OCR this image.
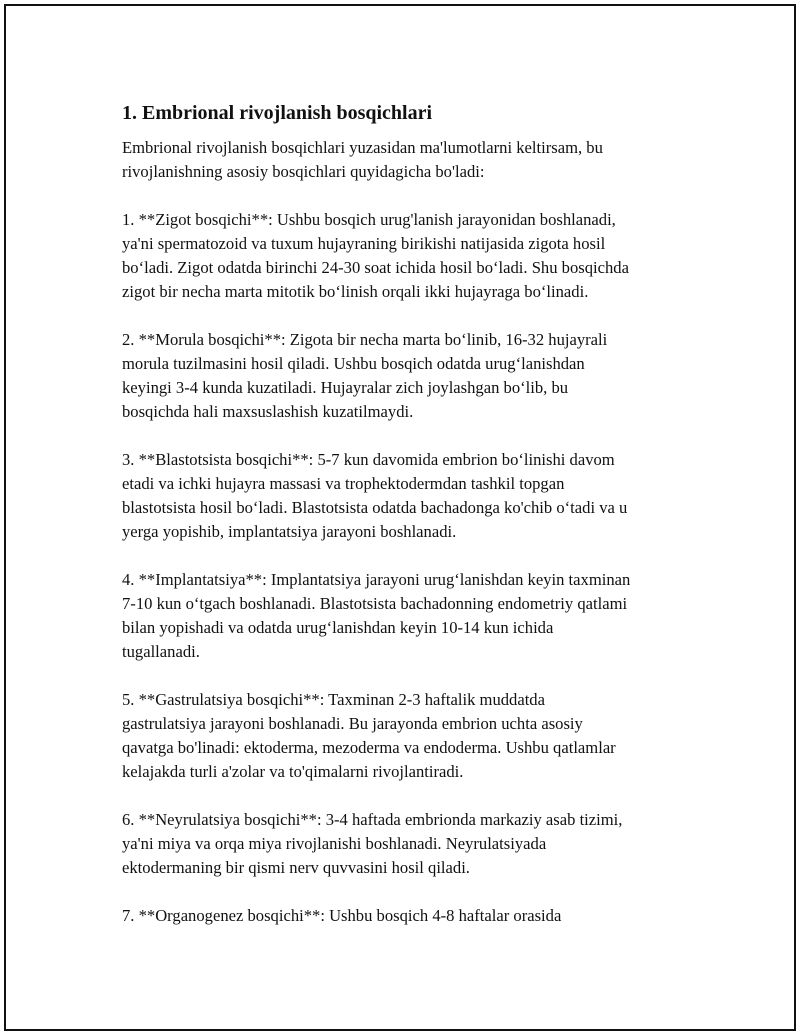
1. Embrional rivojlanish bosqichlari

Embrional rivojlanish bosqichlari yuzasidan ma'lumotlarni keltirsam, bu
rivojlanishning asosiy bosqichlari quyidagicha bo'ladi:

1. **Zigot bosqichi**: Ushbu bosqich urug'lanish jarayonidan boshlanadi,
ya'ni spermatozoid va tuxum hujayraning birikishi natijasida zigota hosil
bo‘ladi. Zigot odatda birinchi 24-30 soat ichida hosil bo‘ladi. Shu bosqichda
zigot bir necha marta mitotik bo‘linish orqali ikki hujayraga bo‘linadi.

2. **Morula bosqichi**: Zigota bir necha marta bo‘linib, 16-32 hujayrali
morula tuzilmasini hosil qiladi. Ushbu bosqich odatda urug‘lanishdan
keyingi 3-4 kunda kuzatiladi. Hujayralar zich joylashgan bo‘lib, bu
bosqichda hali maxsuslashish kuzatilmaydi.

3. **Blastotsista bosqichi**: 5-7 kun davomida embrion bo‘linishi davom
etadi va ichki hujayra massasi va trophektodermdan tashkil topgan
blastotsista hosil bo‘ladi. Blastotsista odatda bachadonga ko'chib o‘tadi va u
yerga yopishib, implantatsiya jarayoni boshlanadi.

4. **Implantatsiya**: Implantatsiya jarayoni urug‘lanishdan keyin taxminan
7-10 kun o‘tgach boshlanadi. Blastotsista bachadonning endometriy qatlami
bilan yopishadi va odatda urug‘lanishdan keyin 10-14 kun ichida
tugallanadi.

5. **Gastrulatsiya bosqichi**: Taxminan 2-3 haftalik muddatda
gastrulatsiya jarayoni boshlanadi. Bu jarayonda embrion uchta asosiy
qavatga bo'linadi: ektoderma, mezoderma va endoderma. Ushbu qatlamlar
kelajakda turli a'zolar va to'qimalarni rivojlantiradi.

6. **Neyrulatsiya bosqichi**: 3-4 haftada embrionda markaziy asab tizimi,
ya'ni miya va orqa miya rivojlanishi boshlanadi. Neyrulatsiyada
ektodermaning bir qismi nerv quvvasini hosil qiladi.

7. **Organogenez bosqichi**: Ushbu bosqich 4-8 haftalar orasida
